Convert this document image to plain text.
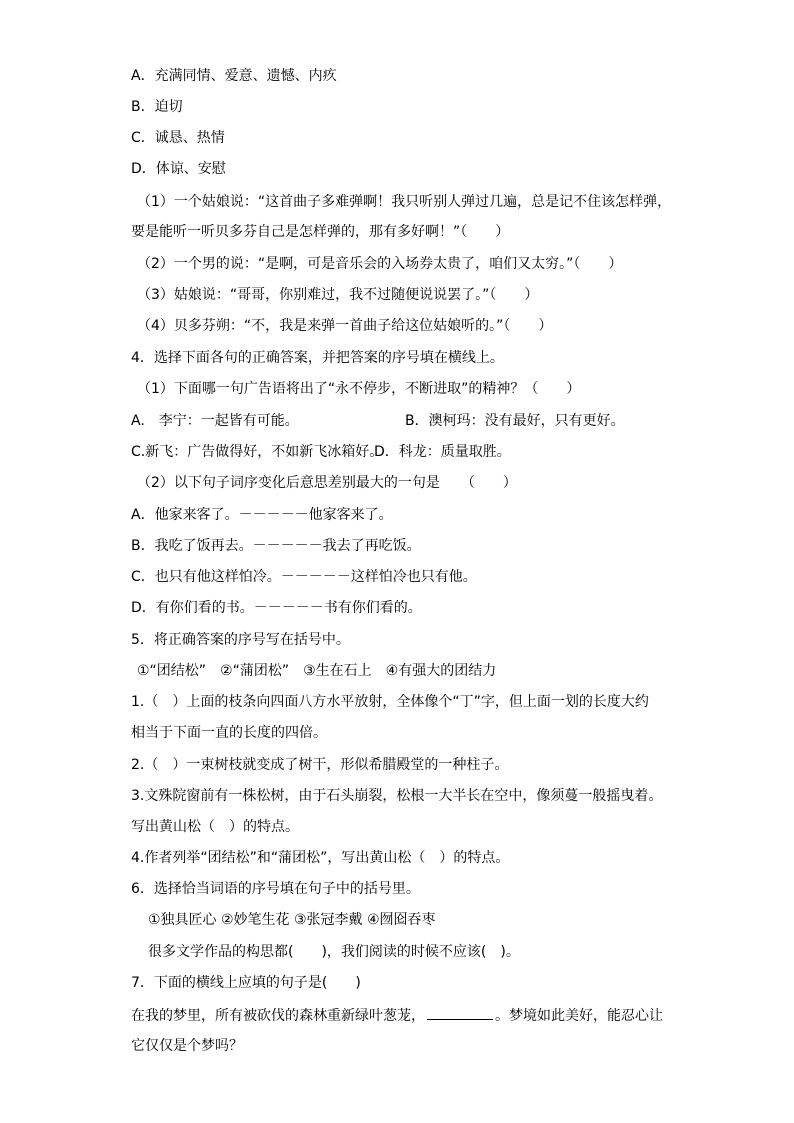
A．充满同情、爱意、遗憾、内疚
B．迫切
C．诚恳、热情
D．体谅、安慰
（1）一个姑娘说：“这首曲子多难弹啊！我只听别人弹过几遍，总是记不住该怎样弹，
要是能听一听贝多芬自己是怎样弹的，那有多好啊！”（　　）
（2）一个男的说：“是啊，可是音乐会的入场券太贵了，咱们又太穷。”（　　）
（3）姑娘说：“哥哥，你别难过，我不过随便说说罢了。”（　　）
（4）贝多芬朔：“不，我是来弹一首曲子给这位姑娘听的。”（　　）
4．选择下面各句的正确答案，并把答案的序号填在横线上。
（1）下面哪一句广告语将出了“永不停步，不断进取”的精神？（　　）
A.　李宁：一起皆有可能。	B．澳柯玛：没有最好，只有更好。
C.新飞：广告做得好，不如新飞冰箱好。
D．科龙：质量取胜。
（2）以下句子词序变化后意思差别最大的一句是　　（　　）
A．他家来客了。－－－－－他家客来了。
B．我吃了饭再去。－－－－－我去了再吃饭。
C．也只有他这样怕冷。－－－－－这样怕冷也只有他。
D．有你们看的书。－－－－－书有你们看的。
5．将正确答案的序号写在括号中。
①“团结松”　②“蒲团松”　③生在石上　④有强大的团结力
1.（　）上面的枝条向四面八方水平放射，全体像个“丁”字，但上面一划的长度大约
相当于下面一直的长度的四倍。
2.（　）一束树枝就变成了树干，形似希腊殿堂的一种柱子。
3.文殊院窗前有一株松树，由于石头崩裂，松根一大半长在空中，像须蔓一般摇曳着。
写出黄山松（　）的特点。
4.作者列举“团结松”和“蒲团松”，写出黄山松（　）的特点。
6．选择恰当词语的序号填在句子中的括号里。
①独具匠心 ②妙笔生花 ③张冠李戴 ④囫囵吞枣
很多文学作品的构思都(　　)，我们阅读的时候不应该(　)。
7．下面的横线上应填的句子是(　　)
在我的梦里，所有被砍伐的森林重新绿叶葱茏，	。梦境如此美好，能忍心让
它仅仅是个梦吗？
